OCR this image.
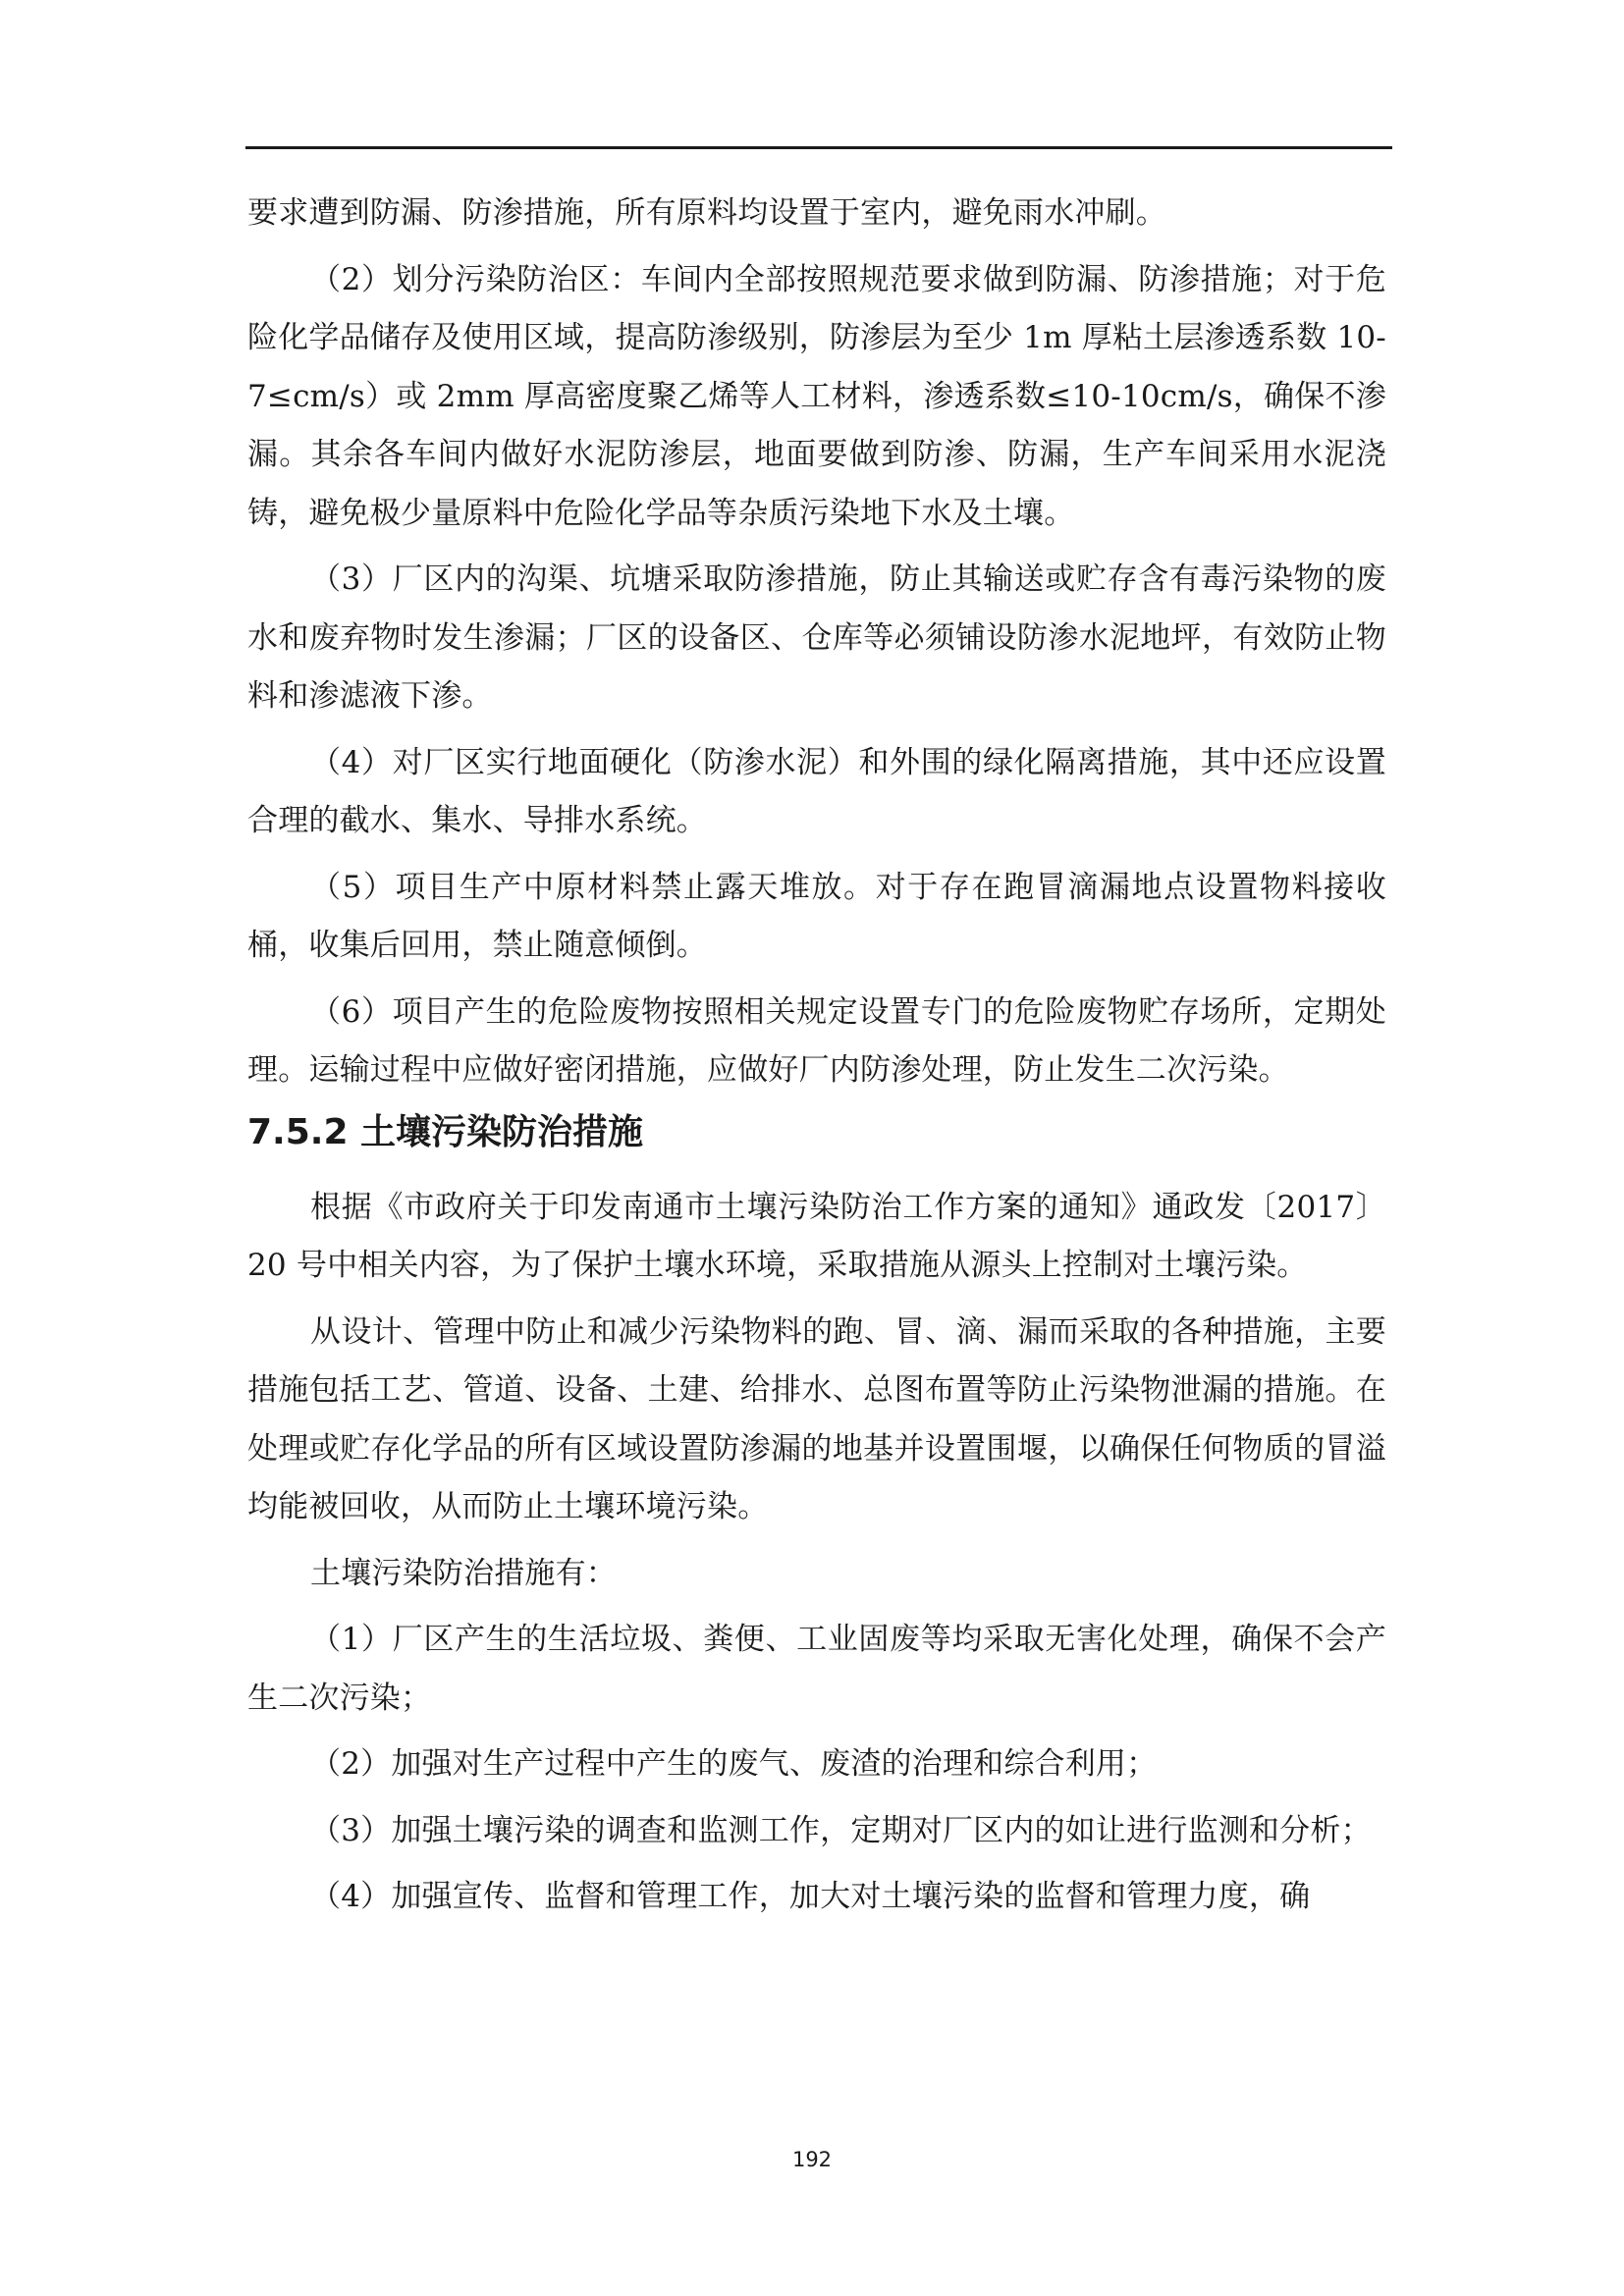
要求遭到防漏、防渗措施，所有原料均设置于室内，避免雨水冲刷。

（2）划分污染防治区：车间内全部按照规范要求做到防漏、防渗措施；对于危险化学品储存及使用区域，提高防渗级别，防渗层为至少 1m 厚粘土层渗透系数 10-7≤cm/s）或 2mm 厚高密度聚乙烯等人工材料，渗透系数≤10-10cm/s，确保不渗漏。其余各车间内做好水泥防渗层，地面要做到防渗、防漏，生产车间采用水泥浇铸，避免极少量原料中危险化学品等杂质污染地下水及土壤。

（3）厂区内的沟渠、坑塘采取防渗措施，防止其输送或贮存含有毒污染物的废水和废弃物时发生渗漏；厂区的设备区、仓库等必须铺设防渗水泥地坪，有效防止物料和渗滤液下渗。

（4）对厂区实行地面硬化（防渗水泥）和外围的绿化隔离措施，其中还应设置合理的截水、集水、导排水系统。

（5）项目生产中原材料禁止露天堆放。对于存在跑冒滴漏地点设置物料接收桶，收集后回用，禁止随意倾倒。

（6）项目产生的危险废物按照相关规定设置专门的危险废物贮存场所，定期处理。运输过程中应做好密闭措施，应做好厂内防渗处理，防止发生二次污染。

7.5.2 土壤污染防治措施

根据《市政府关于印发南通市土壤污染防治工作方案的通知》通政发〔2017〕20 号中相关内容，为了保护土壤水环境，采取措施从源头上控制对土壤污染。

从设计、管理中防止和减少污染物料的跑、冒、滴、漏而采取的各种措施，主要措施包括工艺、管道、设备、土建、给排水、总图布置等防止污染物泄漏的措施。在处理或贮存化学品的所有区域设置防渗漏的地基并设置围堰，以确保任何物质的冒溢均能被回收，从而防止土壤环境污染。

土壤污染防治措施有：

（1）厂区产生的生活垃圾、粪便、工业固废等均采取无害化处理，确保不会产生二次污染；

（2）加强对生产过程中产生的废气、废渣的治理和综合利用；

（3）加强土壤污染的调查和监测工作，定期对厂区内的如让进行监测和分析；

（4）加强宣传、监督和管理工作，加大对土壤污染的监督和管理力度，确

192
